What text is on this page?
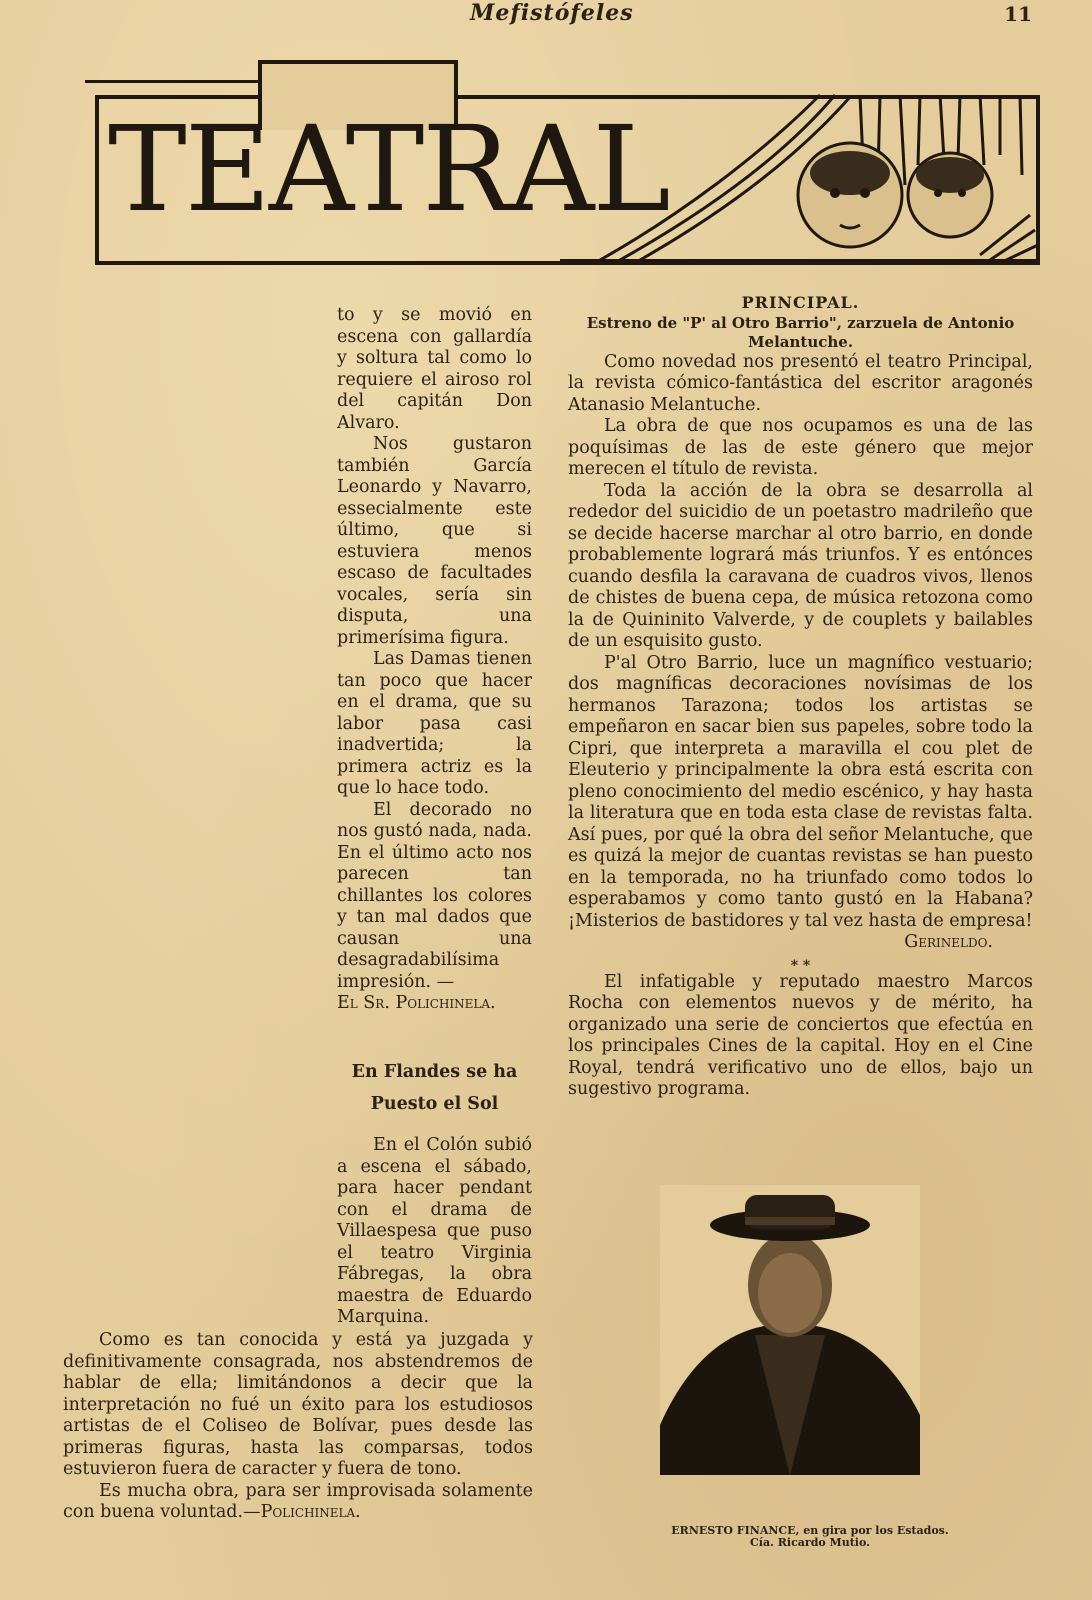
Mefistófeles	11
TEATRAL

to y se movió en escena con gallardía y soltura tal como lo requiere el airoso rol del capitán Don Alvaro.

Nos gustaron también García Leonardo y Navarro, essecialmente este último, que si estuviera menos escaso de facultades vocales, sería sin disputa, una primerísima figura.

Las Damas tienen tan poco que hacer en el drama, que su labor pasa casi inadvertida; la primera actriz es la que lo hace todo.

El decorado no nos gustó nada, nada. En el último acto nos parecen tan chillantes los colores y tan mal dados que causan una desagradabilísima impresión. —

El Sr. Polichinela.

En Flandes se ha
Puesto el Sol

En el Colón subió a escena el sábado, para hacer pendant con el drama de Villaespesa que puso el teatro Virginia Fábregas, la obra maestra de Eduardo Marquina.

Como es tan conocida y está ya juzgada y definitivamente consagrada, nos abstendremos de hablar de ella; limitándonos a decir que la interpretación no fué un éxito para los estudiosos artistas de el Coliseo de Bolívar, pues desde las primeras figuras, hasta las comparsas, todos estuvieron fuera de caracter y fuera de tono.

Es mucha obra, para ser improvisada solamente con buena voluntad.—Polichinela.

PRINCIPAL.
Estreno de "P' al Otro Barrio", zarzuela de Antonio Melantuche.

Como novedad nos presentó el teatro Principal, la revista cómico-fantástica del escritor aragonés Atanasio Melantuche.

La obra de que nos ocupamos es una de las poquísimas de las de este género que mejor merecen el título de revista.

Toda la acción de la obra se desarrolla al rededor del suicidio de un poetastro madrileño que se decide hacerse marchar al otro barrio, en donde probablemente logrará más triunfos. Y es entónces cuando desfila la caravana de cuadros vivos, llenos de chistes de buena cepa, de música retozona como la de Quininito Valverde, y de couplets y bailables de un esquisito gusto.

P'al Otro Barrio, luce un magnífico vestuario; dos magníficas decoraciones novísimas de los hermanos Tarazona; todos los artistas se empeñaron en sacar bien sus papeles, sobre todo la Cipri, que interpreta a maravilla el cou plet de Eleuterio y principalmente la obra está escrita con pleno conocimiento del medio escénico, y hay hasta la literatura que en toda esta clase de revistas falta. Así pues, por qué la obra del señor Melantuche, que es quizá la mejor de cuantas revistas se han puesto en la temporada, no ha triunfado como todos lo esperabamos y como tanto gustó en la Habana? ¡Misterios de bastidores y tal vez hasta de empresa!

Gerineldo.
* *

El infatigable y reputado maestro Marcos Rocha con elementos nuevos y de mérito, ha organizado una serie de conciertos que efectúa en los principales Cines de la capital. Hoy en el Cine Royal, tendrá verificativo uno de ellos, bajo un sugestivo programa.

ERNESTO FINANCE, en gira por los Estados.
Cía. Ricardo Mutio.
